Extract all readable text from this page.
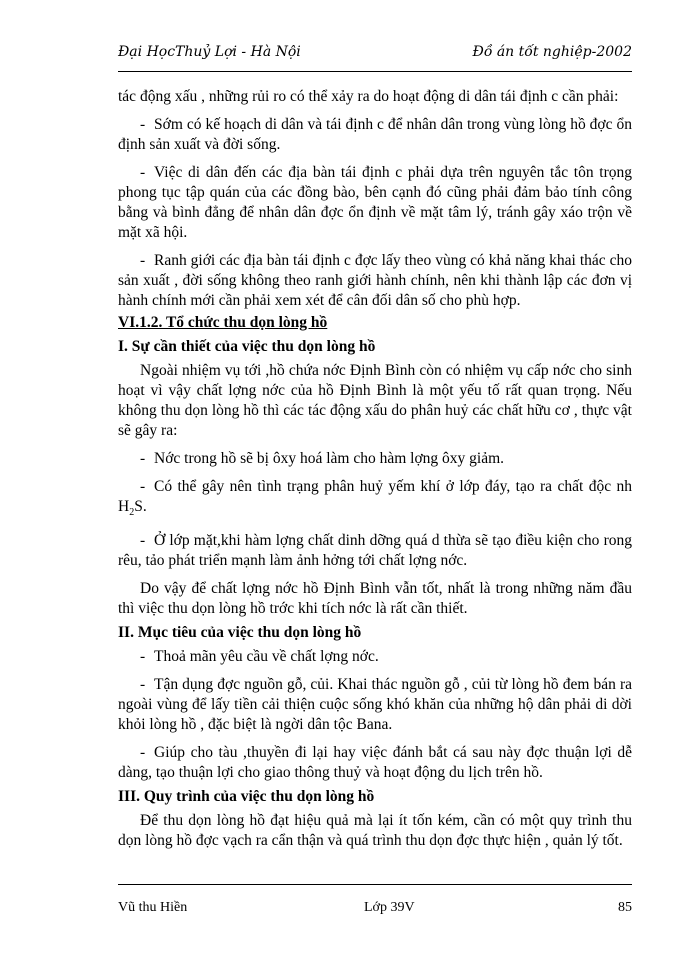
Đại HọcThuỷ Lợi - Hà Nội	Đồ án tốt nghiệp-2002

tác động xấu , những rủi ro có thể xảy ra do hoạt động di dân tái định c cần phải:

- Sớm có kế hoạch di dân và tái định c để nhân dân trong vùng lòng hồ đợc ổn định sản xuất và đời sống.

- Việc di dân đến các địa bàn tái định c phải dựa trên nguyên tắc tôn trọng phong tục tập quán của các đồng bào, bên cạnh đó cũng phải đảm bảo tính công bằng và bình đẳng để nhân dân đợc ổn định về mặt tâm lý, tránh gây xáo trộn về mặt xã hội.

- Ranh giới các địa bàn tái định c đợc lấy theo vùng có khả năng khai thác cho sản xuất , đời sống không theo ranh giới hành chính, nên khi thành lập các đơn vị hành chính mới cần phải xem xét để cân đối dân số cho phù hợp.

VI.1.2. Tổ chức thu dọn lòng hồ

I. Sự cần thiết của việc thu dọn lòng hồ

Ngoài nhiệm vụ tới ,hồ chứa nớc Định Bình còn có nhiệm vụ cấp nớc cho sinh hoạt vì vậy chất lợng nớc của hồ Định Bình là một yếu tố rất quan trọng. Nếu không thu dọn lòng hồ thì các tác động xấu do phân huỷ các chất hữu cơ , thực vật sẽ gây ra:

- Nớc trong hồ sẽ bị ôxy hoá làm cho hàm lợng ôxy giảm.

- Có thể gây nên tình trạng phân huỷ yếm khí ở lớp đáy, tạo ra chất độc nh $H_2S$.

- Ở lớp mặt,khi hàm lợng chất dinh dỡng quá d thừa sẽ tạo điều kiện cho rong rêu, tảo phát triển mạnh làm ảnh hởng tới chất lợng nớc.

Do vậy để chất lợng nớc hồ Định Bình vẫn tốt, nhất là trong những năm đầu thì việc thu dọn lòng hồ trớc khi tích nớc là rất cần thiết.

II. Mục tiêu của việc thu dọn lòng hồ

- Thoả mãn yêu cầu về chất lợng nớc.

- Tận dụng đợc nguồn gỗ, củi. Khai thác nguồn gỗ , củi từ lòng hồ đem bán ra ngoài vùng để lấy tiền cải thiện cuộc sống khó khăn của những hộ dân phải di dời khỏi lòng hồ , đặc biệt là ngời dân tộc Bana.

- Giúp cho tàu ,thuyền đi lại hay việc đánh bắt cá sau này đợc thuận lợi dễ dàng, tạo thuận lợi cho giao thông thuỷ và hoạt động du lịch trên hồ.

III. Quy trình của việc thu dọn lòng hồ

Để thu dọn lòng hồ đạt hiệu quả mà lại ít tốn kém, cần có một quy trình thu dọn lòng hồ đợc vạch ra cẩn thận và quá trình thu dọn đợc thực hiện , quản lý tốt.

Vũ thu Hiền	Lớp 39V	85
